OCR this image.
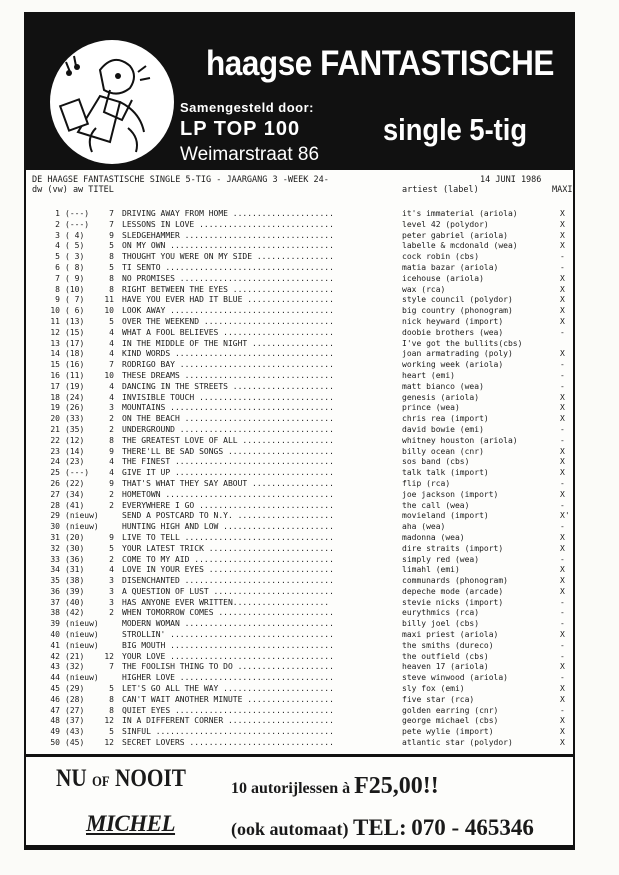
haagse FANTASTISCHE
Samengesteld door:
LP TOP 100
Weimarstraat 86
single 5-tig
DE HAAGSE FANTASTISCHE SINGLE 5-TIG - JAARGANG 3 -WEEK 24-	14 JUNI 1986
dw (vw) aw TITEL	artiest (label)	MAXI
1 (---)	7 DRIVING AWAY FROM HOME .....................	it's immaterial (ariola)	X
2 (---)	7 LESSONS IN LOVE ............................	level 42 (polydor)	X
3 ( 4)	9 SLEDGEHAMMER ...............................	peter gabriel (ariola)	X
4 ( 5)	5 ON MY OWN ..................................	labelle & mcdonald (wea)	X
5 ( 3)	8 THOUGHT YOU WERE ON MY SIDE ................	cock robin (cbs)	-
6 ( 8)	5 TI SENTO ...................................	matia bazar (ariola)	-
7 ( 9)	8 NO PROMISES ................................	icehouse (ariola)	X
8 (10)	8 RIGHT BETWEEN THE EYES .....................	wax (rca)	X
9 ( 7)	11 HAVE YOU EVER HAD IT BLUE ..................	style council (polydor)	X
10 ( 6)	10 LOOK AWAY ..................................	big country (phonogram)	X
11 (13)	5 OVER THE WEEKEND ...........................	nick heyward (import)	X
12 (15)	4 WHAT A FOOL BELIEVES .......................	doobie brothers (wea)	-
13 (17)	4 IN THE MIDDLE OF THE NIGHT .................	I've got the bullits(cbs)
14 (18)	4 KIND WORDS .................................	joan armatrading (poly)	X
15 (16)	7 RODRIGO BAY ................................	working week (ariola)	-
16 (11)	10 THESE DREAMS ...............................	heart (emi)	-
17 (19)	4 DANCING IN THE STREETS .....................	matt bianco (wea)	-
18 (24)	4 INVISIBLE TOUCH ............................	genesis (ariola)	X
19 (26)	3 MOUNTAINS ..................................	prince (wea)	X
20 (33)	2 ON THE BEACH ...............................	chris rea (import)	X
21 (35)	2 UNDERGROUND ................................	david bowie (emi)	-
22 (12)	8 THE GREATEST LOVE OF ALL ...................	whitney houston (ariola)	-
23 (14)	9 THERE'LL BE SAD SONGS ......................	billy ocean (cnr)	X
24 (23)	4 THE FINEST .................................	sos band (cbs)	X
25 (---)	4 GIVE IT UP .................................	talk talk (import)	X
26 (22)	9 THAT'S WHAT THEY SAY ABOUT .................	flip (rca)	-
27 (34)	2 HOMETOWN ...................................	joe jackson (import)	X
28 (41)	2 EVERYWHERE I GO ............................	the call (wea)	-
29 (nieuw)	SEND A POSTCARD TO N.Y. ....................	movieland (import)	X'
30 (nieuw)	HUNTING HIGH AND LOW .......................	aha (wea)	-
31 (20)	9 LIVE TO TELL ...............................	madonna (wea)	X
32 (30)	5 YOUR LATEST TRICK ..........................	dire straits (import)	X
33 (36)	2 COME TO MY AID .............................	simply red (wea)	-
34 (31)	4 LOVE IN YOUR EYES ..........................	limahl (emi)	X
35 (38)	3 DISENCHANTED ...............................	communards (phonogram)	X
36 (39)	3 A QUESTION OF LUST .........................	depeche mode (arcade)	X
37 (40)	3 HAS ANYONE EVER WRITTEN....................	stevie nicks (import)	-
38 (42)	2 WHEN TOMORROW COMES ........................	eurythmics (rca)	-
39 (nieuw)	MODERN WOMAN ...............................	billy joel (cbs)	-
40 (nieuw)	STROLLIN' ..................................	maxi priest (ariola)	X
41 (nieuw)	BIG MOUTH ..................................	the smiths (dureco)	-
42 (21)	12 YOUR LOVE ..................................	the outfield (cbs)	-
43 (32)	7 THE FOOLISH THING TO DO ....................	heaven 17 (ariola)	X
44 (nieuw)	HIGHER LOVE ................................	steve winwood (ariola)	-
45 (29)	5 LET'S GO ALL THE WAY .......................	sly fox (emi)	X
46 (28)	8 CAN'T WAIT ANOTHER MINUTE ..................	five star (rca)	X
47 (27)	8 QUIET EYES .................................	golden earring (cnr)	-
48 (37)	12 IN A DIFFERENT CORNER ......................	george michael (cbs)	X
49 (43)	5 SINFUL .....................................	pete wylie (import)	X
50 (45)	12 SECRET LOVERS ..............................	atlantic star (polydor)	X
NU OF NOOIT	10 autorijlessen à F25,00!!
MICHEL	(ook automaat) TEL: 070 - 465346
